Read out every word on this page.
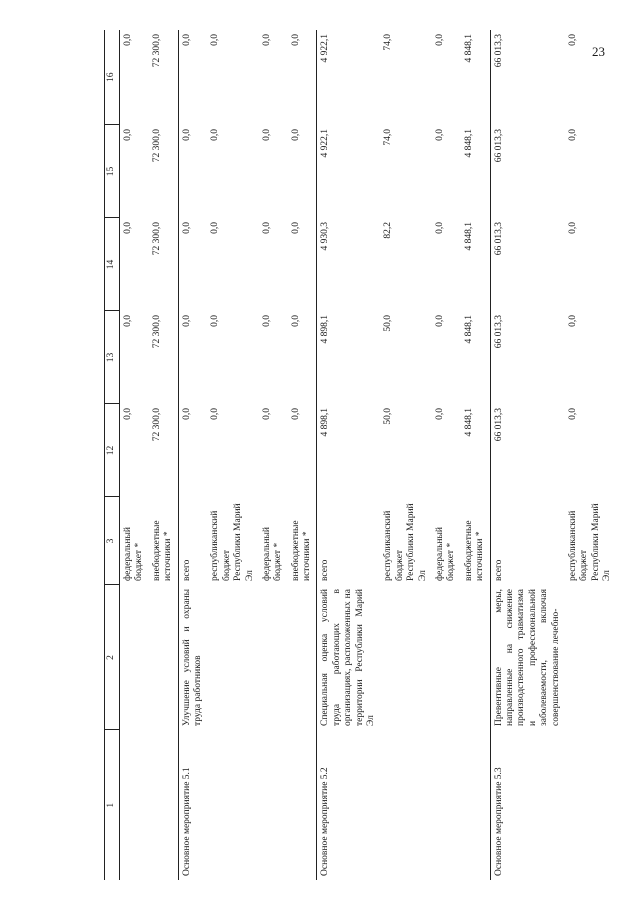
23
1	2	3	12	13	14	15	16
		федеральный бюджет *	0,0	0,0	0,0	0,0	0,0
		внебюджетные источники *	72 300,0	72 300,0	72 300,0	72 300,0	72 300,0
Основное мероприятие 5.1	Улучшение условий и охраны труда работников	всего	0,0	0,0	0,0	0,0	0,0
		республиканский бюджет Республики Марий Эл	0,0	0,0	0,0	0,0	0,0
		федеральный бюджет *	0,0	0,0	0,0	0,0	0,0
		внебюджетные источники *	0,0	0,0	0,0	0,0	0,0
Основное мероприятие 5.2	Специальная оценка условий труда работающих в организациях, расположенных на территории Республики Марий Эл	всего	4 898,1	4 898,1	4 930,3	4 922,1	4 922,1
		республиканский бюджет Республики Марий Эл	50,0	50,0	82,2	74,0	74,0
		федеральный бюджет *	0,0	0,0	0,0	0,0	0,0
		внебюджетные источники *	4 848,1	4 848,1	4 848,1	4 848,1	4 848,1
Основное мероприятие 5.3	Превентивные меры, направленные на снижение производственного травматизма и профессиональной заболеваемости, включая совершенствование лечебно-	всего	66 013,3	66 013,3	66 013,3	66 013,3	66 013,3
		республиканский бюджет Республики Марий Эл	0,0	0,0	0,0	0,0	0,0
